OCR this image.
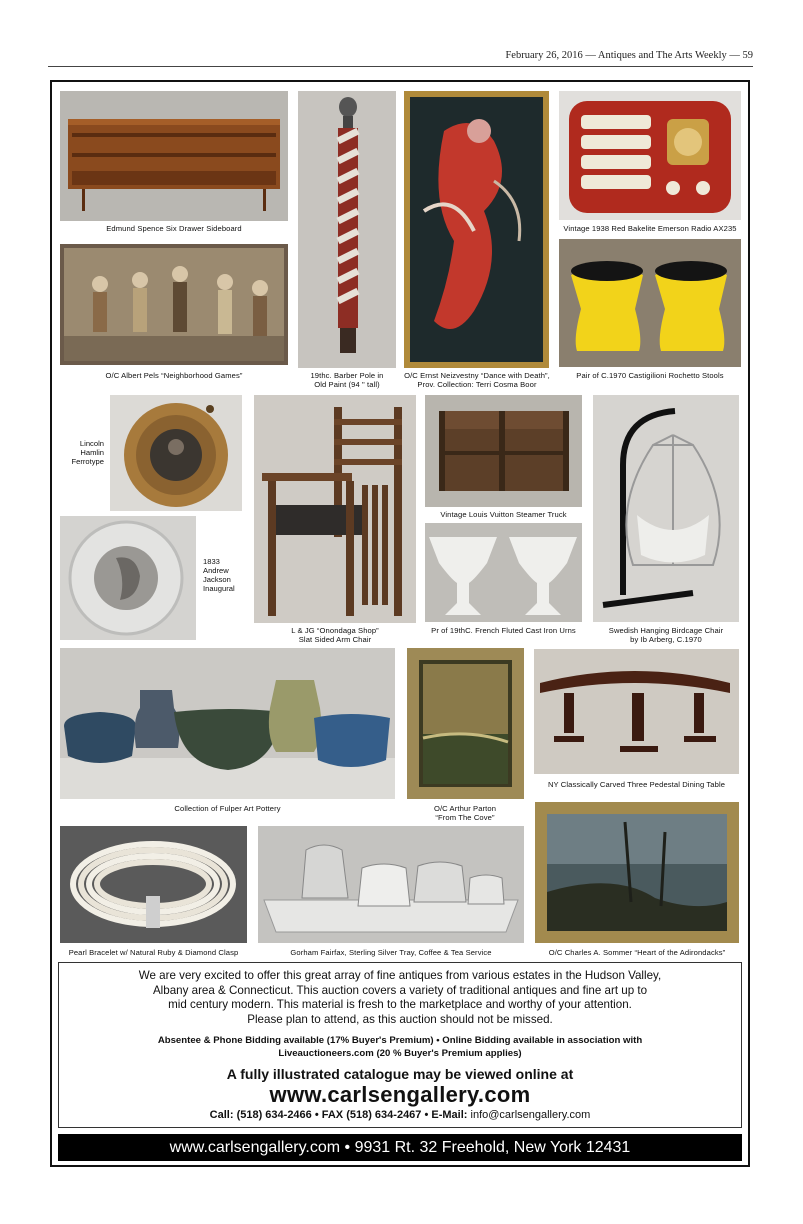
February 26, 2016 — Antiques and The Arts Weekly — 59
Edmund Spence Six Drawer Sideboard
19thc. Barber Pole in
Old Paint (94 " tall)
O/C Ernst Neizvestny “Dance with Death”,
Prov. Collection: Terri Cosma Boor
Vintage 1938 Red Bakelite Emerson Radio AX235
O/C Albert Pels “Neighborhood Games”	Pair of C.1970 Castigilioni Rochetto Stools
Lincoln
Hamlin
Ferrotype
1833
Andrew
Jackson
Inaugural
L & JG “Onondaga Shop”
Slat Sided Arm Chair
Vintage Louis Vuitton Steamer Truck
Pr of 19thC. French Fluted Cast Iron Urns	Swedish Hanging Birdcage Chair
by Ib Arberg, C.1970
Collection of Fulper Art Pottery	O/C Arthur Parton
“From The Cove”
NY Classically Carved Three Pedestal Dining Table
Pearl Bracelet w/ Natural Ruby & Diamond Clasp	Gorham Fairfax, Sterling Silver Tray, Coffee & Tea Service	O/C Charles A. Sommer “Heart of the Adirondacks”
We are very excited to offer this great array of fine antiques from various estates in the Hudson Valley,
Albany area & Connecticut. This auction covers a variety of traditional antiques and fine art up to
mid century modern. This material is fresh to the marketplace and worthy of your attention.
Please plan to attend, as this auction should not be missed.
Absentee & Phone Bidding available (17% Buyer's Premium) • Online Bidding available in association with
Liveauctioneers.com (20 % Buyer's Premium applies)
A fully illustrated catalogue may be viewed online at
www.carlsengallery.com
Call: (518) 634-2466 • FAX (518) 634-2467 • E-Mail: info@carlsengallery.com
www.carlsengallery.com • 9931 Rt. 32 Freehold, New York 12431
